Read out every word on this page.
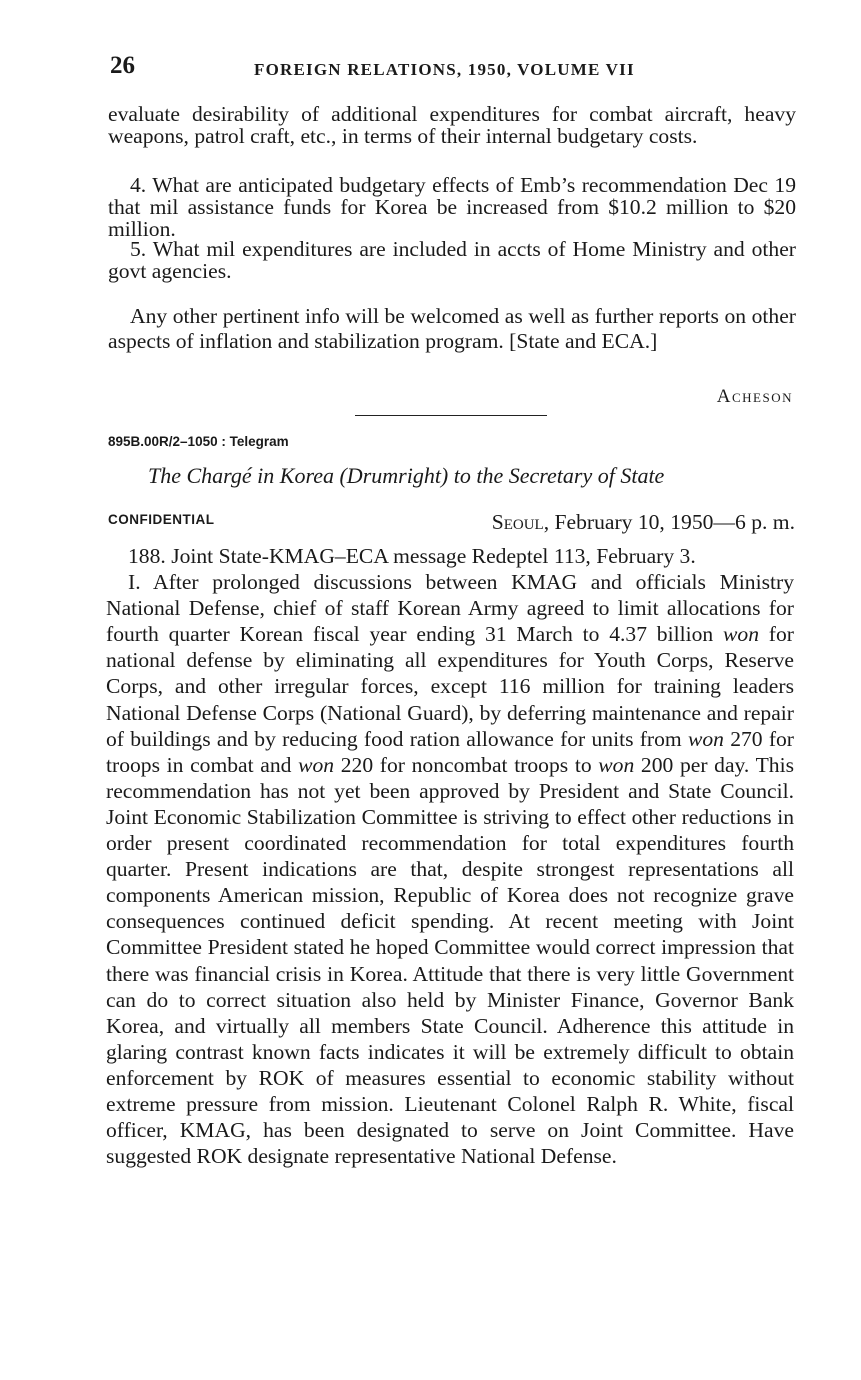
26	FOREIGN RELATIONS, 1950, VOLUME VII

evaluate desirability of additional expenditures for combat aircraft, heavy weapons, patrol craft, etc., in terms of their internal budgetary costs.

4. What are anticipated budgetary effects of Emb’s recommendation Dec 19 that mil assistance funds for Korea be increased from $10.2 million to $20 million.

5. What mil expenditures are included in accts of Home Ministry and other govt agencies.

Any other pertinent info will be welcomed as well as further reports on other aspects of inflation and stabilization program. [State and ECA.]

Acheson
895B.00R/2–1050 : Telegram
The Chargé in Korea (Drumright) to the Secretary of State
CONFIDENTIAL	Seoul, February 10, 1950—6 p. m.

188. Joint State-KMAG–ECA message Redeptel 113, February 3.

I. After prolonged discussions between KMAG and officials Ministry National Defense, chief of staff Korean Army agreed to limit allocations for fourth quarter Korean fiscal year ending 31 March to 4.37 billion won for national defense by eliminating all expenditures for Youth Corps, Reserve Corps, and other irregular forces, except 116 million for training leaders National Defense Corps (National Guard), by deferring maintenance and repair of buildings and by reducing food ration allowance for units from won 270 for troops in combat and won 220 for noncombat troops to won 200 per day. This recommendation has not yet been approved by President and State Council. Joint Economic Stabilization Committee is striving to effect other reductions in order present coordinated recommendation for total expenditures fourth quarter. Present indications are that, despite strongest representations all components American mission, Republic of Korea does not recognize grave consequences continued deficit spending. At recent meeting with Joint Committee President stated he hoped Committee would correct impression that there was financial crisis in Korea. Attitude that there is very little Government can do to correct situation also held by Minister Finance, Governor Bank Korea, and virtually all members State Council. Adherence this attitude in glaring contrast known facts indicates it will be extremely difficult to obtain enforcement by ROK of measures essential to economic stability without extreme pressure from mission. Lieutenant Colonel Ralph R. White, fiscal officer, KMAG, has been designated to serve on Joint Committee. Have suggested ROK designate representative National Defense.
